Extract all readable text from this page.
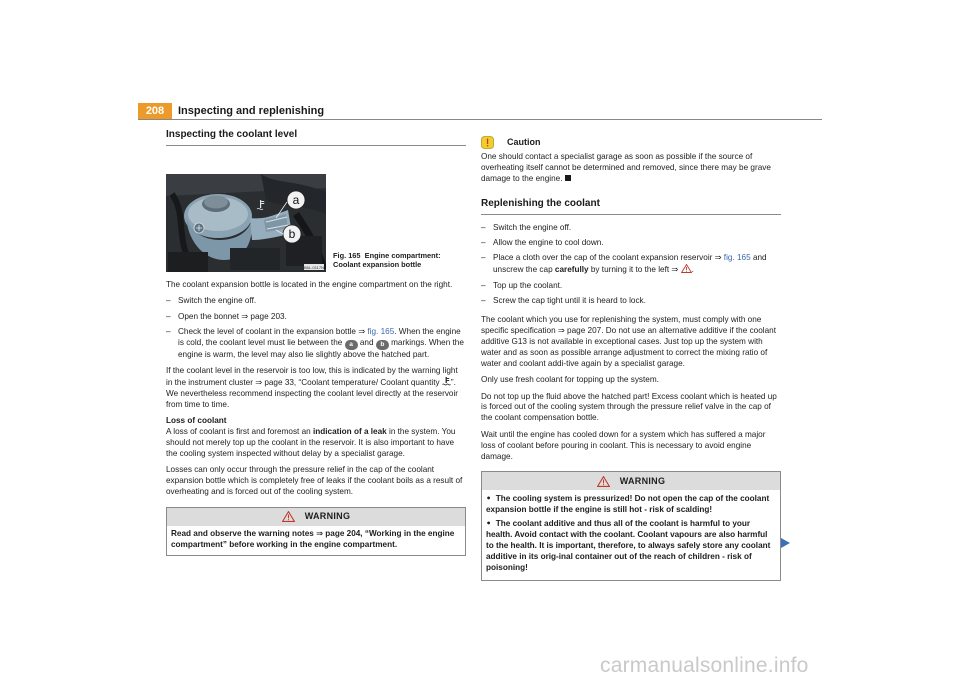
208	Inspecting and replenishing
Inspecting the coolant level
a
b
B6L-0117N
Fig. 165 Engine compartment: Coolant expansion bottle

The coolant expansion bottle is located in the engine compartment on the right.

– Switch the engine off.
– Open the bonnet ⇒ page 203.
– Check the level of coolant in the expansion bottle ⇒ fig. 165. When the engine is cold, the coolant level must lie between the a and b markings. When the engine is warm, the level may also lie slightly above the hatched part.

If the coolant level in the reservoir is too low, this is indicated by the warning light in the instrument cluster ⇒ page 33, “Coolant temperature/ Coolant quantity ”. We nevertheless recommend inspecting the coolant level directly at the reservoir from time to time.

Loss of coolant

A loss of coolant is first and foremost an indication of a leak in the system. You should not merely top up the coolant in the reservoir. It is also important to have the cooling system inspected without delay by a specialist garage.

Losses can only occur through the pressure relief in the cap of the coolant expansion bottle which is completely free of leaks if the coolant boils as a result of overheating and is forced out of the cooling system.

WARNING
Read and observe the warning notes ⇒ page 204, “Working in the engine compartment” before working in the engine compartment.
Caution

One should contact a specialist garage as soon as possible if the source of overheating itself cannot be determined and removed, since there may be grave damage to the engine.

Replenishing the coolant
– Switch the engine off.
– Allow the engine to cool down.
– Place a cloth over the cap of the coolant expansion reservoir ⇒ fig. 165 and unscrew the cap carefully by turning it to the left ⇒ .
– Top up the coolant.
– Screw the cap tight until it is heard to lock.

The coolant which you use for replenishing the system, must comply with one specific specification ⇒ page 207. Do not use an alternative additive if the coolant additive G13 is not available in exceptional cases. Just top up the system with water and as soon as possible arrange adjustment to correct the mixing ratio of water and coolant addi-tive again by a specialist garage.

Only use fresh coolant for topping up the system.

Do not top up the fluid above the hatched part! Excess coolant which is heated up is forced out of the cooling system through the pressure relief valve in the cap of the coolant compensation bottle.

Wait until the engine has cooled down for a system which has suffered a major loss of coolant before pouring in coolant. This is necessary to avoid engine damage.

WARNING
• The cooling system is pressurized! Do not open the cap of the coolant expansion bottle if the engine is still hot - risk of scalding!
• The coolant additive and thus all of the coolant is harmful to your health. Avoid contact with the coolant. Coolant vapours are also harmful to the health. It is important, therefore, to always safely store any coolant additive in its orig-inal container out of the reach of children - risk of poisoning!
carmanualsonline.info
